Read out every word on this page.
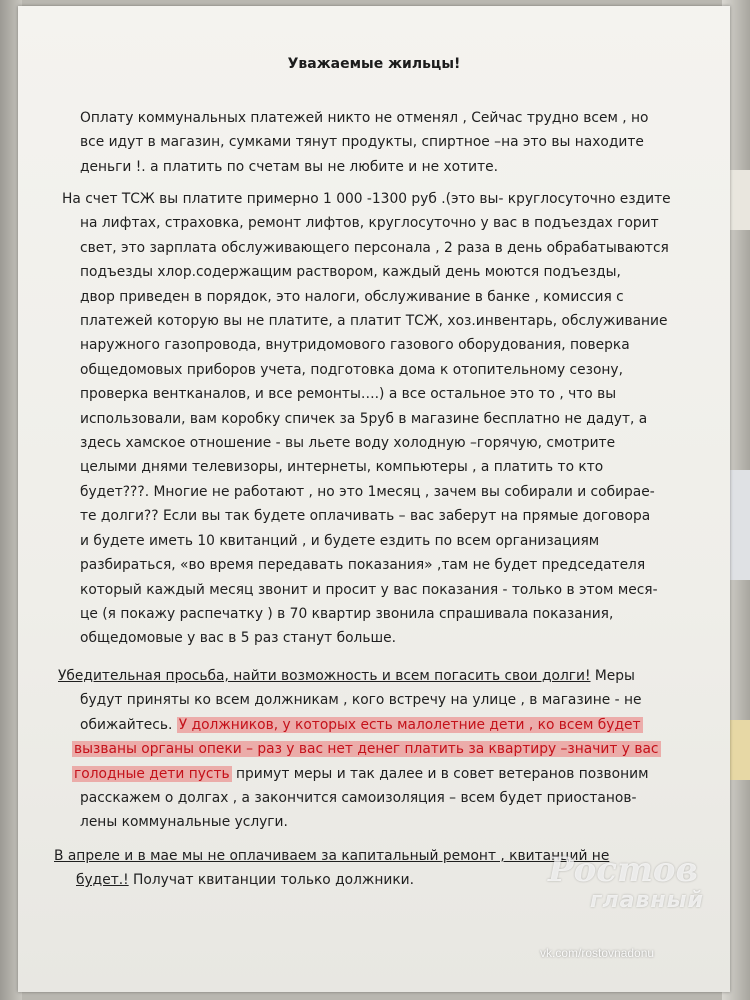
Уважаемые жильцы!
Оплату коммунальных платежей никто не отменял , Сейчас трудно всем , но
все идут в магазин, сумками тянут продукты, спиртное –на это вы находите
деньги !. а платить по счетам вы не любите и не хотите.
На счет ТСЖ вы платите примерно 1 000 -1300 руб .(это вы- круглосуточно ездите
на лифтах, страховка, ремонт лифтов, круглосуточно у вас в подъездах горит
свет, это зарплата обслуживающего персонала , 2 раза в день обрабатываются
подъезды хлор.содержащим раствором, каждый день моются подъезды,
двор приведен в порядок, это налоги, обслуживание в банке , комиссия с
платежей которую вы не платите, а платит ТСЖ, хоз.инвентарь, обслуживание
наружного газопровода, внутридомового газового оборудования, поверка
общедомовых приборов учета, подготовка дома к отопительному сезону,
проверка вентканалов, и все ремонты….) а все остальное это то , что вы
использовали, вам коробку спичек за 5руб в магазине бесплатно не дадут, а
здесь хамское отношение - вы льете воду холодную –горячую, смотрите
целыми днями телевизоры, интернеты, компьютеры , а платить то кто
будет???. Многие не работают , но это 1месяц , зачем вы собирали и собирае-
те долги?? Если вы так будете оплачивать – вас заберут на прямые договора
и будете иметь 10 квитанций , и будете ездить по всем организациям
разбираться, «во время передавать показания» ,там не будет председателя
который каждый месяц звонит и просит у вас показания - только в этом меся-
це (я покажу распечатку ) в 70 квартир звонила спрашивала показания,
общедомовые у вас в 5 раз станут больше.
Убедительная просьба, найти возможность и всем погасить свои долги! Меры
будут приняты ко всем должникам , кого встречу на улице , в магазине - не
обижайтесь. У должников, у которых есть малолетние дети , ко всем будет
вызваны органы опеки – раз у вас нет денег платить за квартиру –значит у вас
голодные дети пусть примут меры и так далее и в совет ветеранов позвоним
расскажем о долгах , а закончится самоизоляция – всем будет приостанов-
лены коммунальные услуги.
В апреле и в мае мы не оплачиваем за капитальный ремонт , квитанций не
будет.! Получат квитанции только должники.	Ростов
главный
vk.com/rostovnadonu
